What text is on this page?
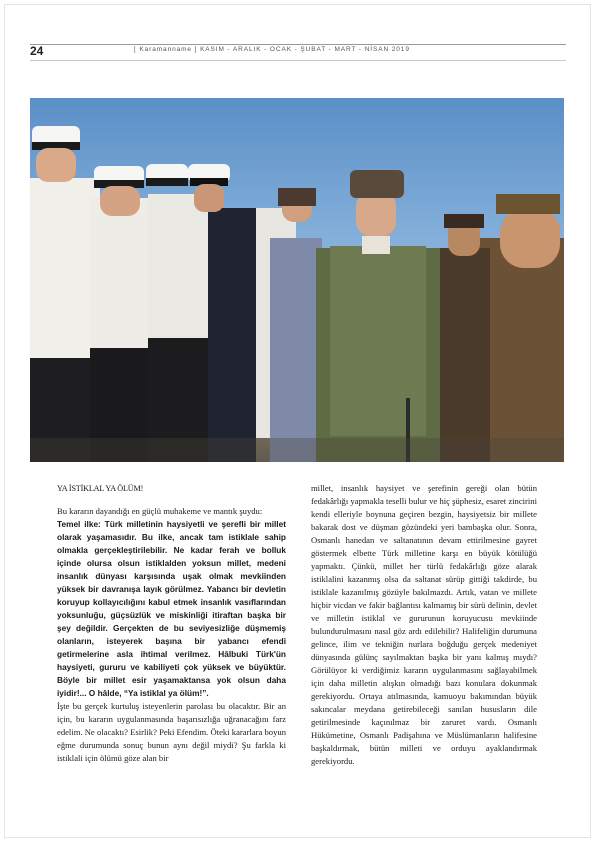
24	[ Karamanname ] KASIM - ARALIK - OCAK - ŞUBAT - MART - NİSAN 2019

YA İSTİKLAL YA ÖLÜM!

Bu kararın dayandığı en güçlü muhakeme ve mantık şuydu:

Temel ilke: Türk milletinin haysiyetli ve şerefli bir millet olarak yaşamasıdır. Bu ilke, ancak tam istiklale sahip olmakla gerçekleştirilebilir. Ne kadar ferah ve bolluk içinde olursa olsun istiklalden yoksun millet, medeni insanlık dünyası karşısında uşak olmak mevkiinden yüksek bir davranışa layık görülmez. Yabancı bir devletin koruyup kollayıcılığını kabul etmek insanlık vasıflarından yoksunluğu, güçsüzlük ve miskinliği itiraftan başka bir şey değildir. Gerçekten de bu seviyesizliğe düşmemiş olanların, isteyerek başına bir yabancı efendi getirmelerine asla ihtimal verilmez. Hâlbuki Türk'ün haysiyeti, gururu ve kabiliyeti çok yüksek ve büyüktür. Böyle bir millet esir yaşamaktansa yok olsun daha iyidir!... O hâlde, “Ya istiklal ya ölüm!”.

İşte bu gerçek kurtuluş isteyenlerin parolası bu olacaktır. Bir an için, bu kararın uygulanmasında başarısızlığa uğranacağını farz edelim. Ne olacaktı? Esirlik? Peki Efendim. Öteki kararlara boyun eğme durumunda sonuç bunun aynı değil miydi? Şu farkla ki istiklali için ölümü göze alan bir

millet, insanlık haysiyet ve şerefinin gereği olan bütün fedakârlığı yapmakla teselli bulur ve hiç şüphesiz, esaret zincirini kendi elleriyle boynuna geçiren bezgin, haysiyetsiz bir millete bakarak dost ve düşman gözündeki yeri bambaşka olur. Sonra, Osmanlı hanedan ve saltanatının devam ettirilmesine gayret göstermek elbette Türk milletine karşı en büyük kötülüğü yapmaktı. Çünkü, millet her türlü fedakârlığı göze alarak istiklalini kazanmış olsa da saltanat sürüp gittiği takdirde, bu istiklale kazanılmış gözüyle bakılmazdı. Artık, vatan ve millete hiçbir vicdan ve fakir bağlantısı kalmamış bir sürü delinin, devlet ve milletin istiklal ve gururunun koruyucusu mevkiinde bulundurulmasını nasıl göz ardı edilebilir? Halifeliğin durumuna gelince, ilim ve tekniğin nurlara boğduğu gerçek medeniyet dünyasında gülünç sayılmaktan başka bir yanı kalmış mıydı? Görülüyor ki verdiğimiz kararın uygulanmasını sağlayabilmek için daha milletin alışkın olmadığı bazı konulara dokunmak gerekiyordu. Ortaya atılmasında, kamuoyu bakımından büyük sakıncalar meydana getirebileceği sanılan hususların dile getirilmesinde kaçınılmaz bir zaruret vardı. Osmanlı Hükümetine, Osmanlı Padişahına ve Müslümanların halifesine başkaldırmak, bütün milleti ve orduyu ayaklandırmak gerekiyordu.
